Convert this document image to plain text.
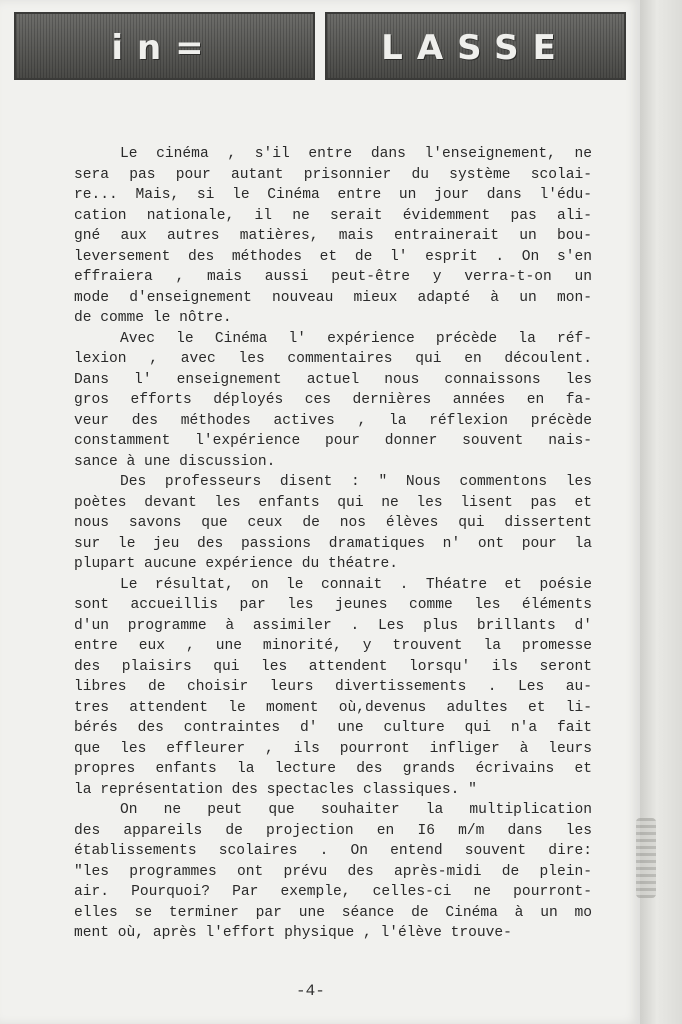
in=	LASSE

Le cinéma , s'il entre dans l'enseignement, ne
sera pas pour autant prisonnier du système scolai-
re... Mais, si le Cinéma entre un jour dans l'édu-
cation nationale, il ne serait évidemment pas ali-
gné aux autres matières, mais entrainerait un bou-
leversement des méthodes et de l' esprit . On s'en
effraiera , mais aussi peut-être y verra-t-on un
mode d'enseignement nouveau mieux adapté à un mon-
de comme le nôtre.

Avec le Cinéma l' expérience précède la réf-
lexion , avec les commentaires qui en découlent.
Dans l' enseignement actuel nous connaissons les
gros efforts déployés ces dernières années en fa-
veur des méthodes actives , la réflexion précède
constamment l'expérience pour donner souvent nais-
sance à une discussion.

Des professeurs disent : " Nous commentons les
poètes devant les enfants qui ne les lisent pas et
nous savons que ceux de nos élèves qui dissertent
sur le jeu des passions dramatiques n' ont pour la
plupart aucune expérience du théatre.

Le résultat, on le connait . Théatre et poésie
sont accueillis par les jeunes comme les éléments
d'un programme à assimiler . Les plus brillants d'
entre eux , une minorité, y trouvent la promesse
des plaisirs qui les attendent lorsqu' ils seront
libres de choisir leurs divertissements . Les au-
tres attendent le moment où,devenus adultes et li-
bérés des contraintes d' une culture qui n'a fait
que les effleurer , ils pourront infliger à leurs
propres enfants la lecture des grands écrivains et
la représentation des spectacles classiques. "

On ne peut que souhaiter la multiplication
des appareils de projection en I6 m/m dans les
établissements scolaires . On entend souvent dire:
"les programmes ont prévu des après-midi de plein-
air. Pourquoi? Par exemple, celles-ci ne pourront-
elles se terminer par une séance de Cinéma à un mo
ment où, après l'effort physique , l'élève trouve-

-4-
